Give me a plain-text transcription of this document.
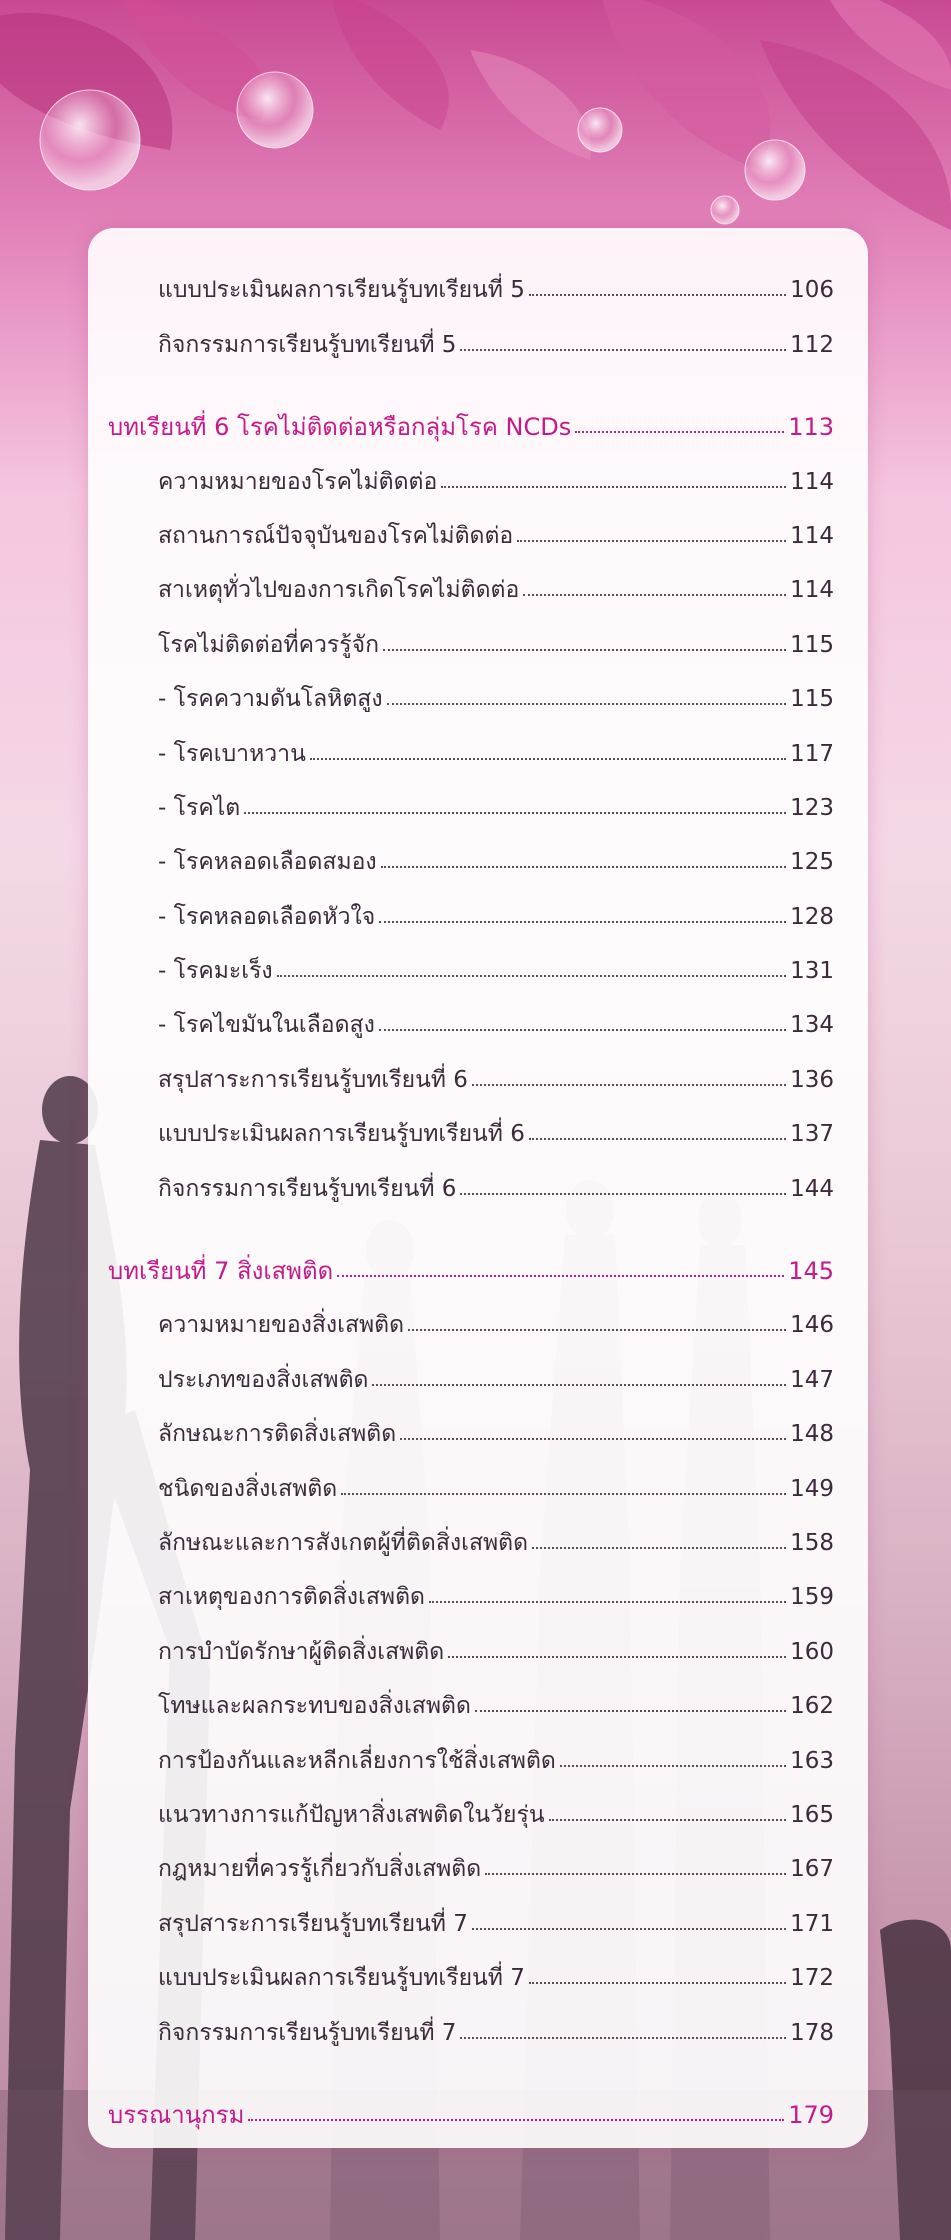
แบบประเมินผลการเรียนรู้บทเรียนที่ 5	106
กิจกรรมการเรียนรู้บทเรียนที่ 5	112
บทเรียนที่ 6 โรคไม่ติดต่อหรือกลุ่มโรค NCDs	113
ความหมายของโรคไม่ติดต่อ	114
สถานการณ์ปัจจุบันของโรคไม่ติดต่อ	114
สาเหตุทั่วไปของการเกิดโรคไม่ติดต่อ	114
โรคไม่ติดต่อที่ควรรู้จัก	115
- โรคความดันโลหิตสูง	115
- โรคเบาหวาน	117
- โรคไต	123
- โรคหลอดเลือดสมอง	125
- โรคหลอดเลือดหัวใจ	128
- โรคมะเร็ง	131
- โรคไขมันในเลือดสูง	134
สรุปสาระการเรียนรู้บทเรียนที่ 6	136
แบบประเมินผลการเรียนรู้บทเรียนที่ 6	137
กิจกรรมการเรียนรู้บทเรียนที่ 6	144
บทเรียนที่ 7 สิ่งเสพติด	145
ความหมายของสิ่งเสพติด	146
ประเภทของสิ่งเสพติด	147
ลักษณะการติดสิ่งเสพติด	148
ชนิดของสิ่งเสพติด	149
ลักษณะและการสังเกตผู้ที่ติดสิ่งเสพติด	158
สาเหตุของการติดสิ่งเสพติด	159
การบำบัดรักษาผู้ติดสิ่งเสพติด	160
โทษและผลกระทบของสิ่งเสพติด	162
การป้องกันและหลีกเลี่ยงการใช้สิ่งเสพติด	163
แนวทางการแก้ปัญหาสิ่งเสพติดในวัยรุ่น	165
กฎหมายที่ควรรู้เกี่ยวกับสิ่งเสพติด	167
สรุปสาระการเรียนรู้บทเรียนที่ 7	171
แบบประเมินผลการเรียนรู้บทเรียนที่ 7	172
กิจกรรมการเรียนรู้บทเรียนที่ 7	178
บรรณานุกรม	179
